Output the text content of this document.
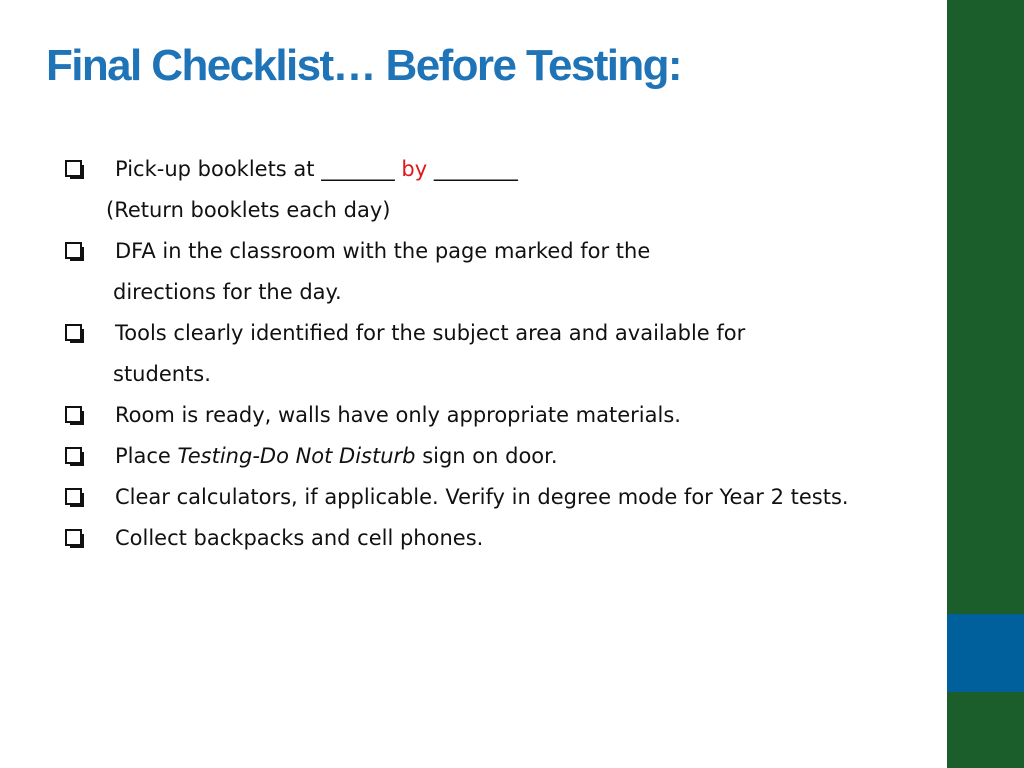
Final Checklist… Before Testing:
Pick-up booklets at _______ by ________
(Return booklets each day)
DFA in the classroom with the page marked for the
directions for the day.
Tools clearly identified for the subject area and available for
students.
Room is ready, walls have only appropriate materials.
Place Testing-Do Not Disturb sign on door.
Clear calculators, if applicable. Verify in degree mode for Year 2 tests.
Collect backpacks and cell phones.
